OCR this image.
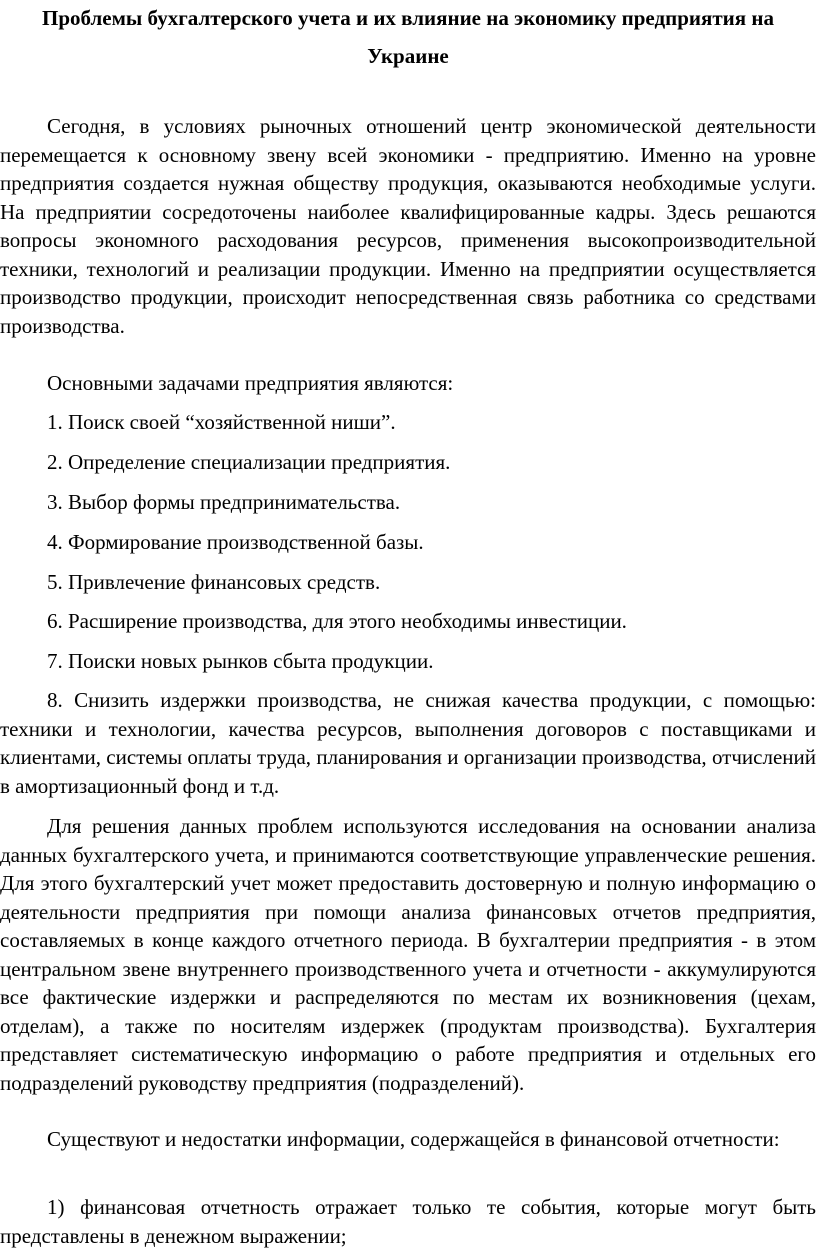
Проблемы бухгалтерского учета и их влияние на экономику предприятия на

Украине

Сегодня, в условиях рыночных отношений центр экономической деятельности перемещается к основному звену всей экономики - предприятию. Именно на уровне предприятия создается нужная обществу продукция, оказываются необходимые услуги. На предприятии сосредоточены наиболее квалифицированные кадры. Здесь решаются вопросы экономного расходования ресурсов, применения высокопроизводительной техники, технологий и реализации продукции. Именно на предприятии осуществляется производство продукции, происходит непосредственная связь работника со средствами производства.

Основными задачами предприятия являются:

1. Поиск своей “хозяйственной ниши”.

2. Определение специализации предприятия.

3. Выбор формы предпринимательства.

4. Формирование производственной базы.

5. Привлечение финансовых средств.

6. Расширение производства, для этого необходимы инвестиции.

7. Поиски новых рынков сбыта продукции.

8. Снизить издержки производства, не снижая качества продукции, с помощью: техники и технологии, качества ресурсов, выполнения договоров с поставщиками и клиентами, системы оплаты труда, планирования и организации производства, отчислений в амортизационный фонд и т.д.

Для решения данных проблем используются исследования на основании анализа данных бухгалтерского учета, и принимаются соответствующие управленческие решения. Для этого бухгалтерский учет может предоставить достоверную и полную информацию о деятельности предприятия при помощи анализа финансовых отчетов предприятия, составляемых в конце каждого отчетного периода. В бухгалтерии предприятия - в этом центральном звене внутреннего производственного учета и отчетности - аккумулируются все фактические издержки и распределяются по местам их возникновения (цехам, отделам), а также по носителям издержек (продуктам производства). Бухгалтерия представляет систематическую информацию о работе предприятия и отдельных его подразделений руководству предприятия (подразделений).

Существуют и недостатки информации, содержащейся в финансовой отчетности:

1) финансовая отчетность отражает только те события, которые могут быть представлены в денежном выражении;
